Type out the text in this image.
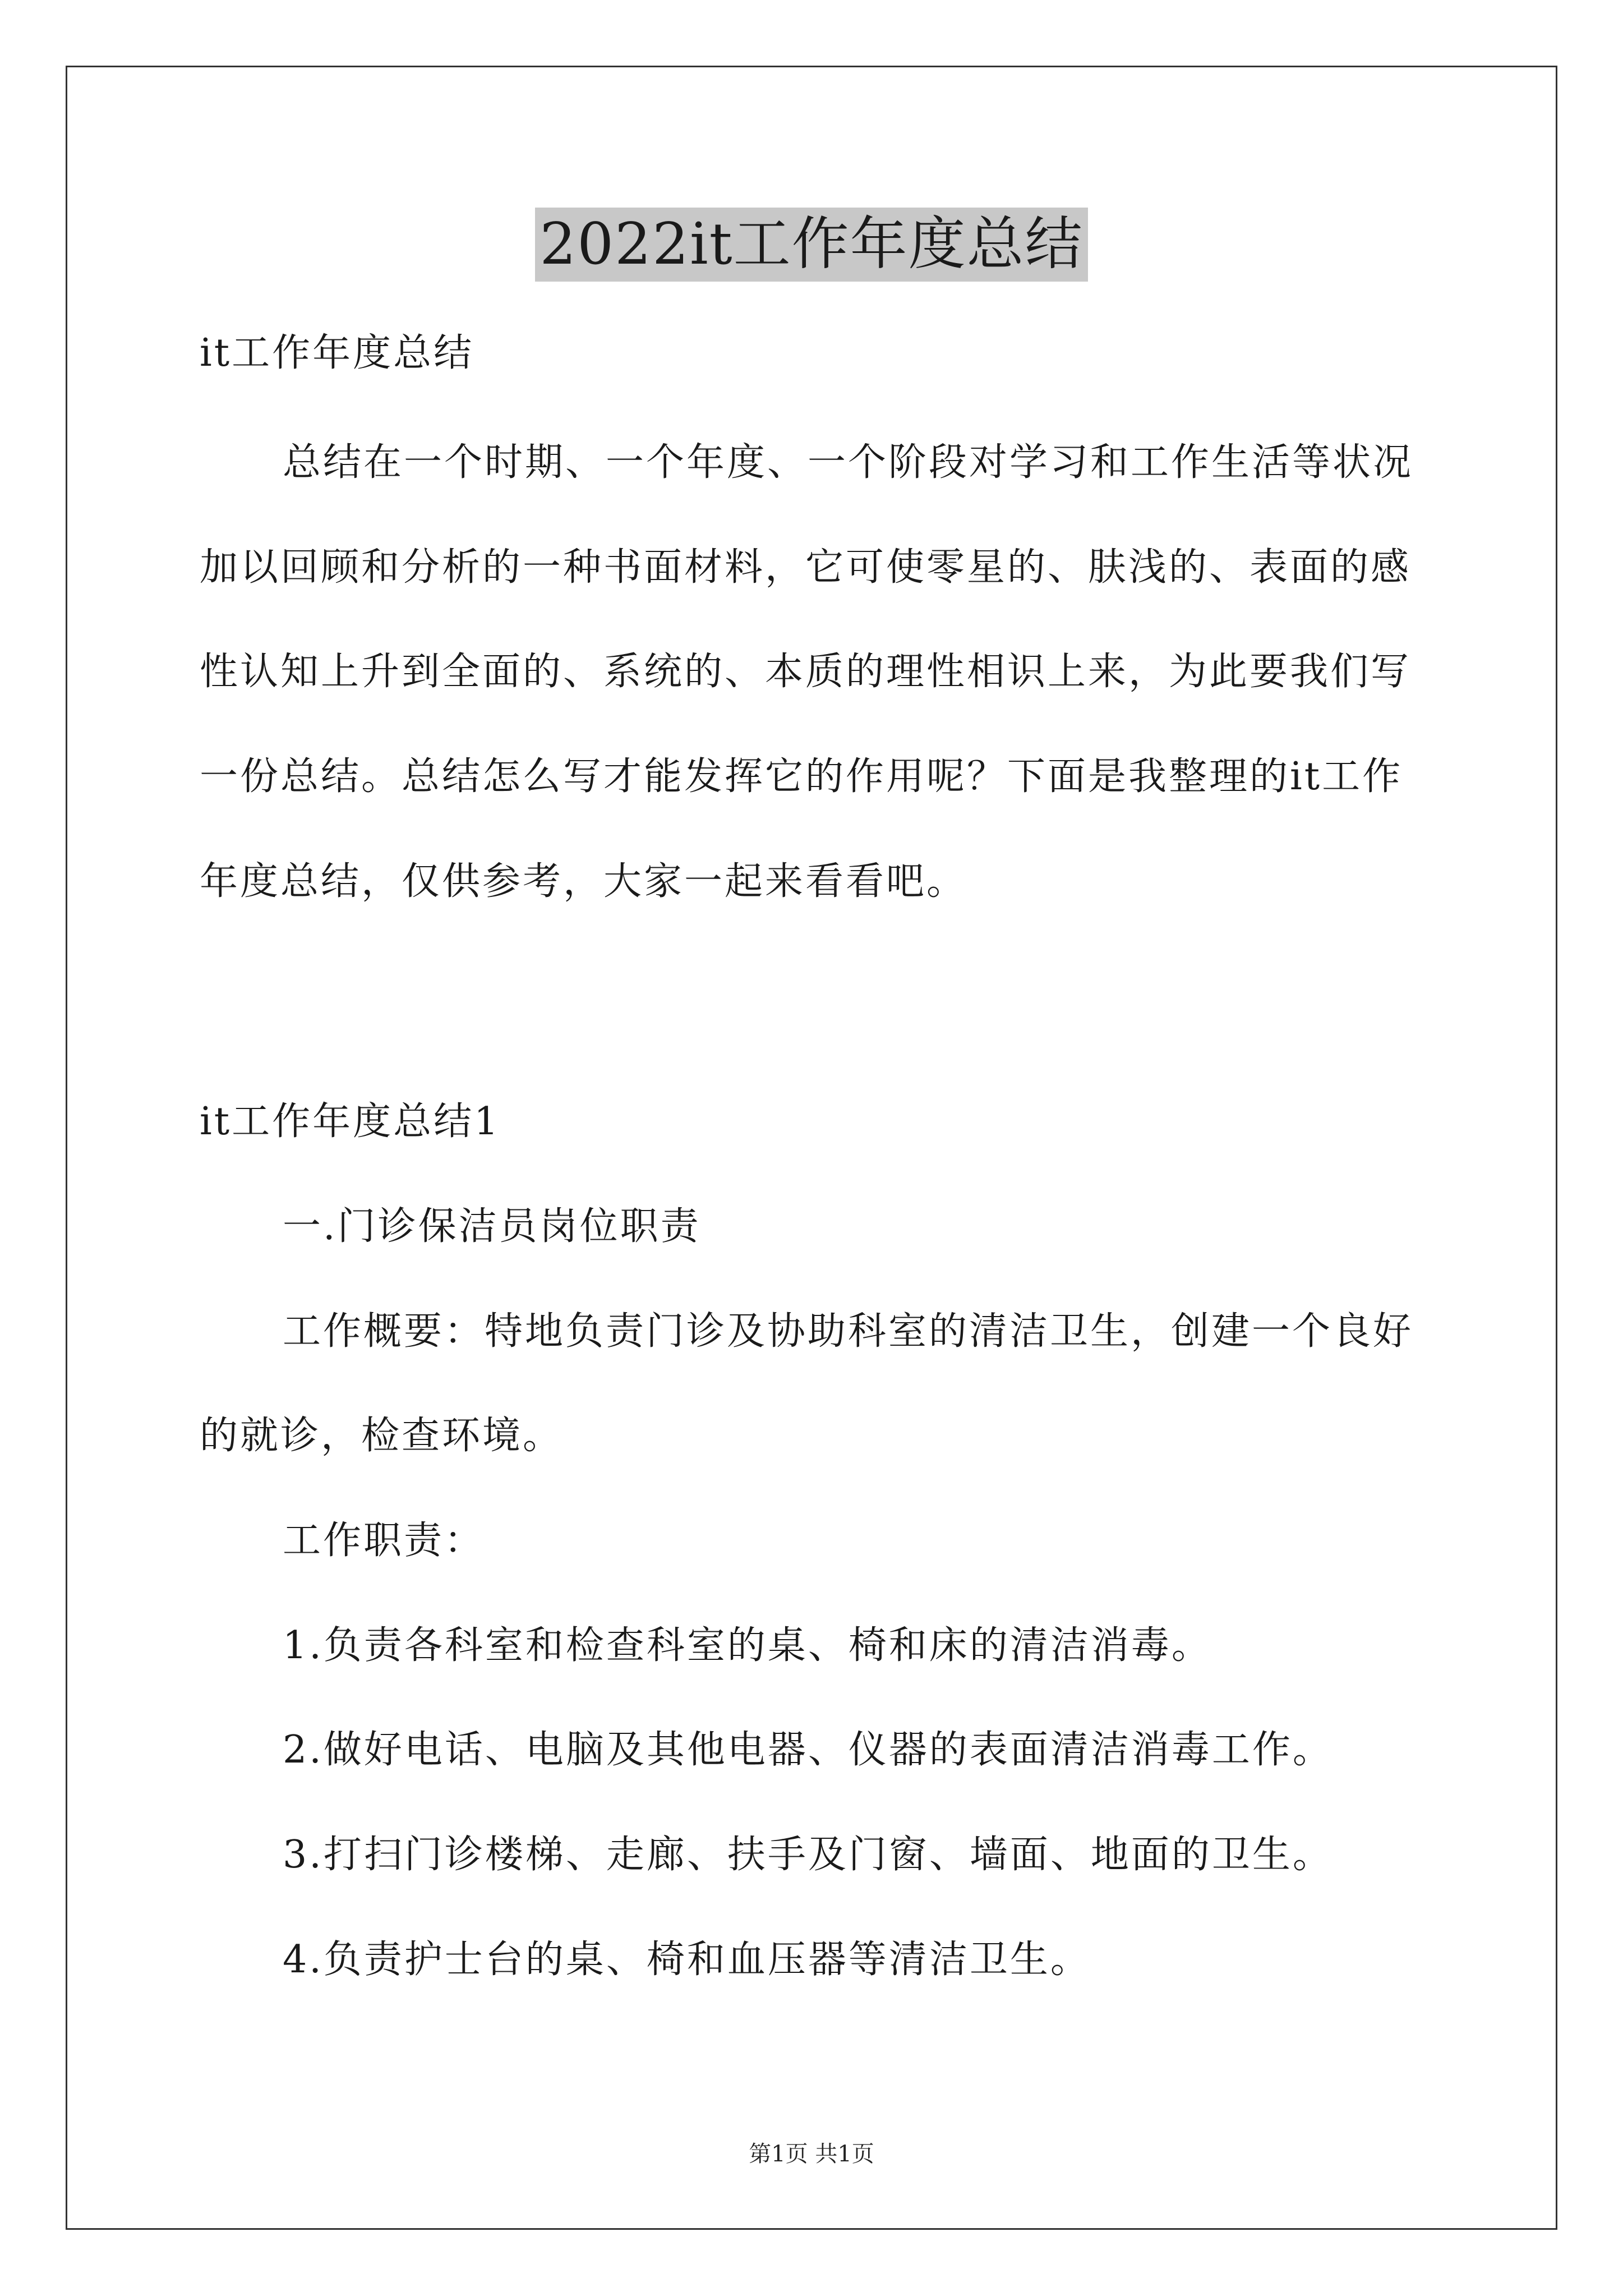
2022it工作年度总结
it工作年度总结
总结在一个时期、一个年度、一个阶段对学习和工作生活等状况
加以回顾和分析的一种书面材料，它可使零星的、肤浅的、表面的感
性认知上升到全面的、系统的、本质的理性相识上来，为此要我们写
一份总结。总结怎么写才能发挥它的作用呢？下面是我整理的it工作
年度总结，仅供参考，大家一起来看看吧。
it工作年度总结1
一.门诊保洁员岗位职责
工作概要：特地负责门诊及协助科室的清洁卫生，创建一个良好
的就诊，检查环境。
工作职责：
1.负责各科室和检查科室的桌、椅和床的清洁消毒。
2.做好电话、电脑及其他电器、仪器的表面清洁消毒工作。
3.打扫门诊楼梯、走廊、扶手及门窗、墙面、地面的卫生。
4.负责护士台的桌、椅和血压器等清洁卫生。
第1页 共1页
